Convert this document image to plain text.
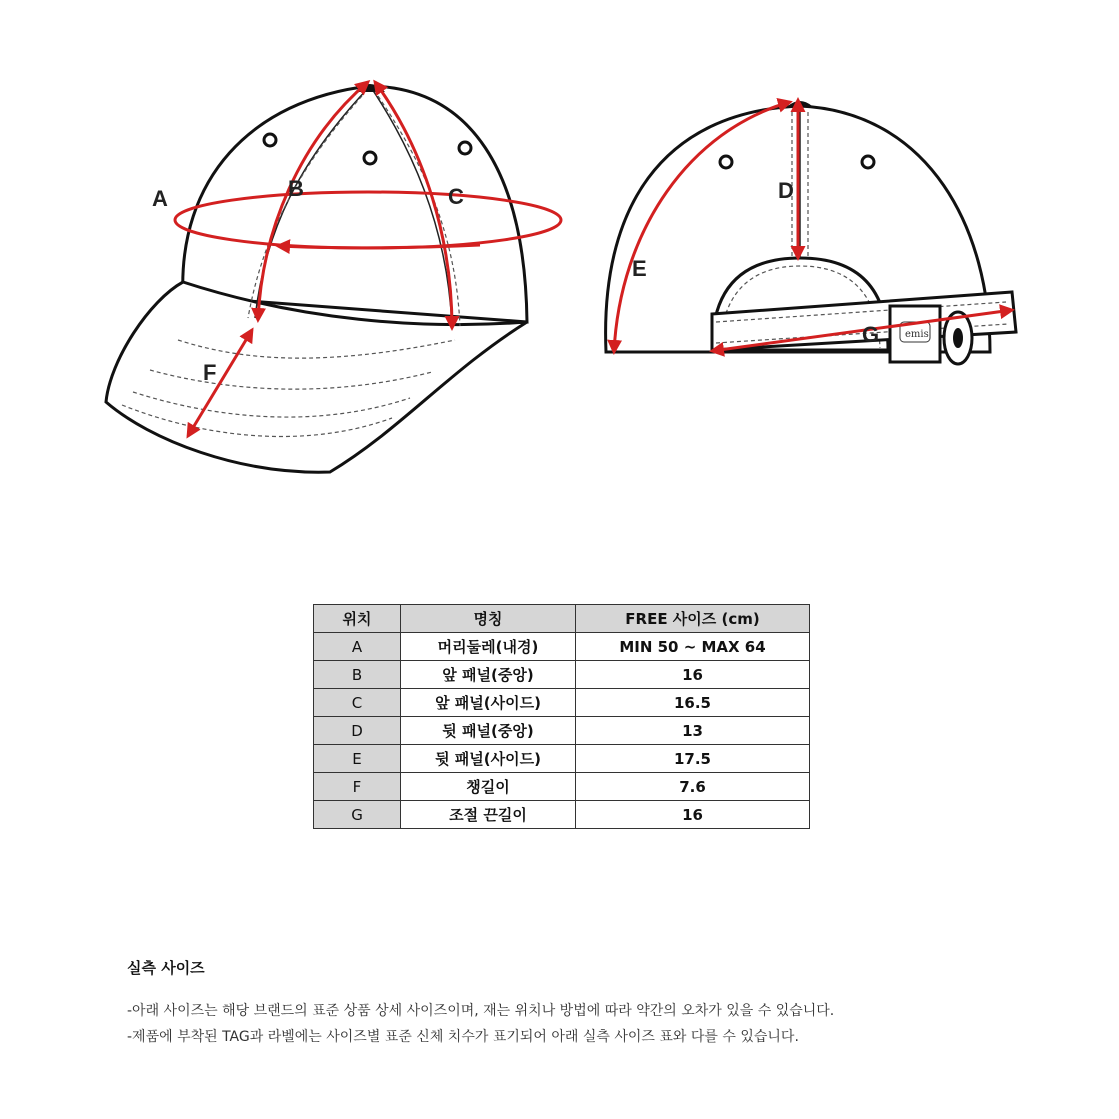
A	B	C
F
emis
D
E
G
위치	명칭	FREE 사이즈 (cm)
A	머리둘레(내경)	MIN 50 ~ MAX 64
B	앞 패널(중앙)	16
C	앞 패널(사이드)	16.5
D	뒷 패널(중앙)	13
E	뒷 패널(사이드)	17.5
F	챙길이	7.6
G	조절 끈길이	16

실측 사이즈

-아래 사이즈는 해당 브랜드의 표준 상품 상세 사이즈이며, 재는 위치나 방법에 따라 약간의 오차가 있을 수 있습니다.

-제품에 부착된 TAG과 라벨에는 사이즈별 표준 신체 치수가 표기되어 아래 실측 사이즈 표와 다를 수 있습니다.
